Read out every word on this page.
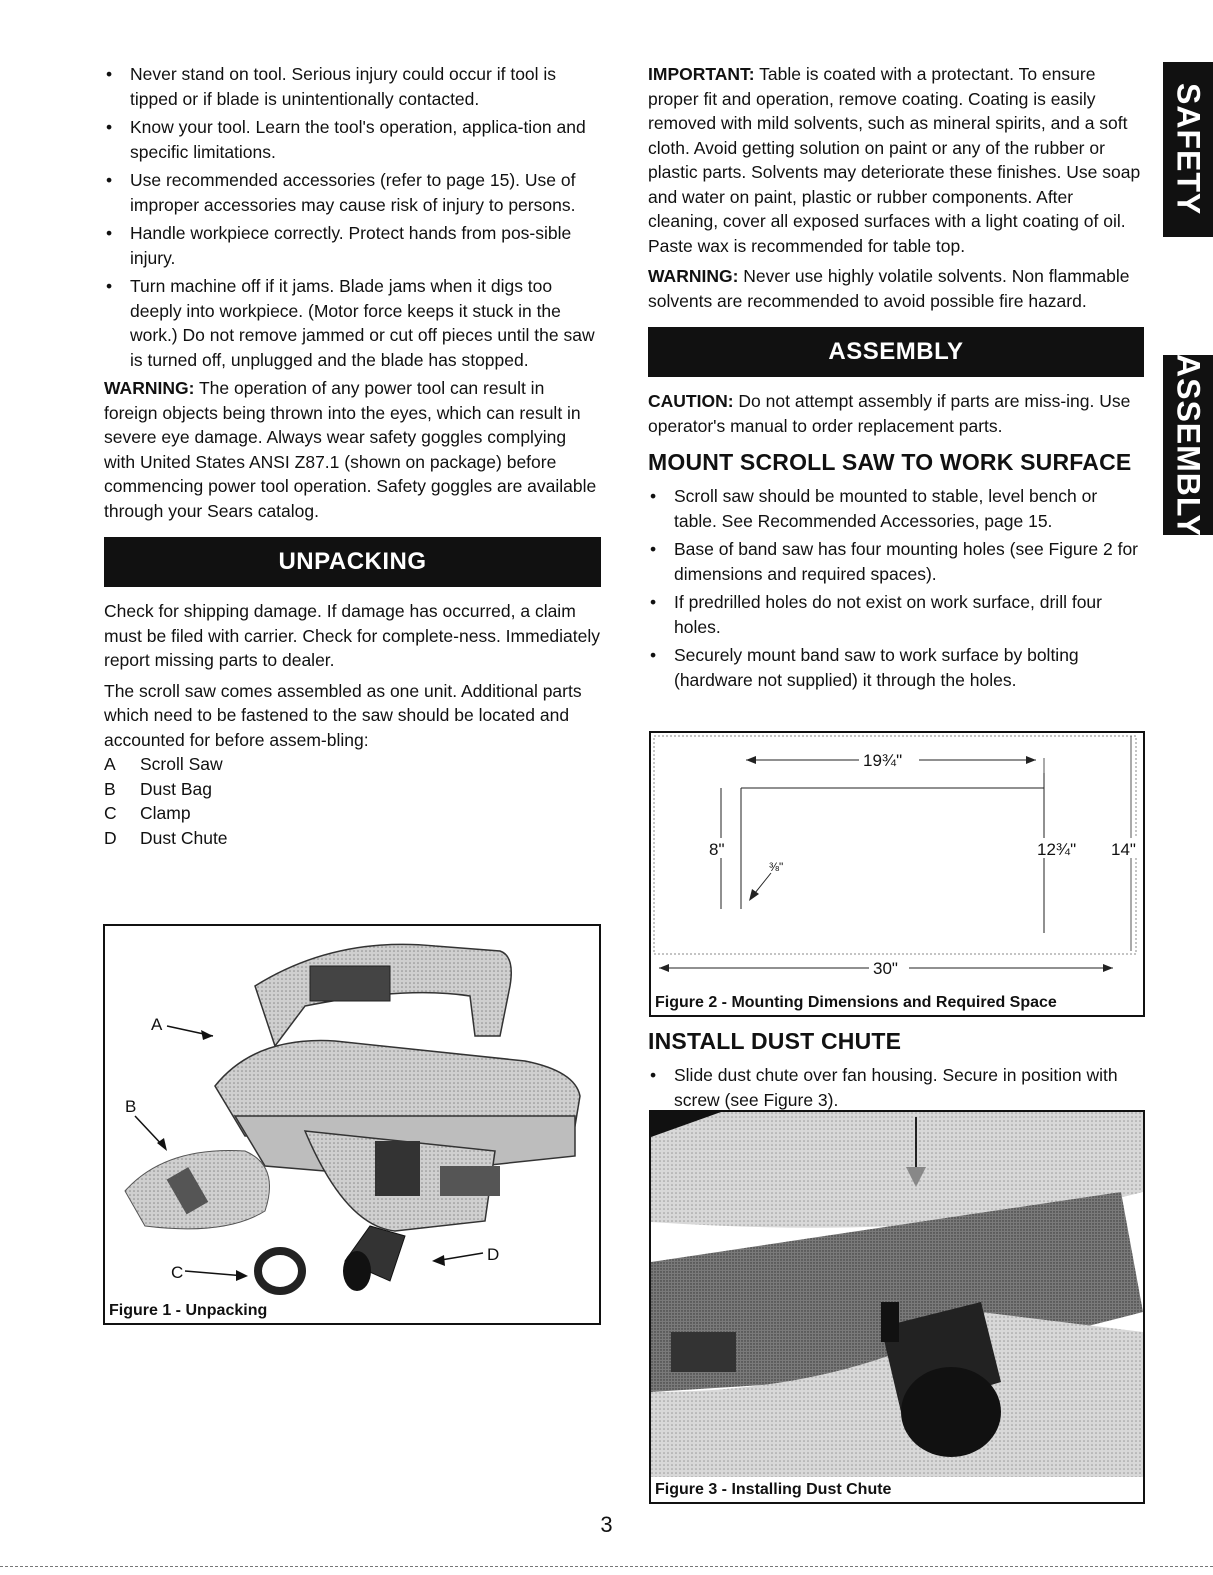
SAFETY
ASSEMBLY
• Never stand on tool. Serious injury could occur if tool is tipped or if blade is unintentionally contacted.
• Know your tool. Learn the tool's operation, applica-tion and specific limitations.
• Use recommended accessories (refer to page 15). Use of improper accessories may cause risk of injury to persons.
• Handle workpiece correctly. Protect hands from pos-sible injury.
• Turn machine off if it jams. Blade jams when it digs too deeply into workpiece. (Motor force keeps it stuck in the work.) Do not remove jammed or cut off pieces until the saw is turned off, unplugged and the blade has stopped.

WARNING: The operation of any power tool can result in foreign objects being thrown into the eyes, which can result in severe eye damage. Always wear safety goggles complying with United States ANSI Z87.1 (shown on package) before commencing power tool operation. Safety goggles are available through your Sears catalog.

UNPACKING

Check for shipping damage. If damage has occurred, a claim must be filed with carrier. Check for complete-ness. Immediately report missing parts to dealer.

The scroll saw comes assembled as one unit. Additional parts which need to be fastened to the saw should be located and accounted for before assem-bling:

A	Scroll Saw
B	Dust Bag
C	Clamp
D	Dust Chute
A
B
C
D
Figure 1 - Unpacking

IMPORTANT: Table is coated with a protectant. To ensure proper fit and operation, remove coating. Coating is easily removed with mild solvents, such as mineral spirits, and a soft cloth. Avoid getting solution on paint or any of the rubber or plastic parts. Solvents may deteriorate these finishes. Use soap and water on paint, plastic or rubber components. After cleaning, cover all exposed surfaces with a light coating of oil. Paste wax is recommended for table top.

WARNING: Never use highly volatile solvents. Non flammable solvents are recommended to avoid possible fire hazard.

ASSEMBLY

CAUTION: Do not attempt assembly if parts are miss-ing. Use operator's manual to order replacement parts.

MOUNT SCROLL SAW TO WORK SURFACE
• Scroll saw should be mounted to stable, level bench or table. See Recommended Accessories, page 15.
• Base of band saw has four mounting holes (see Figure 2 for dimensions and required spaces).
• If predrilled holes do not exist on work surface, drill four holes.
• Securely mount band saw to work surface by bolting (hardware not supplied) it through the holes.
19¾"
8"
⅜"
12¾" 14"
30"
Figure 2 - Mounting Dimensions and Required Space
INSTALL DUST CHUTE
• Slide dust chute over fan housing. Secure in position with screw (see Figure 3).
Figure 3 - Installing Dust Chute
3
